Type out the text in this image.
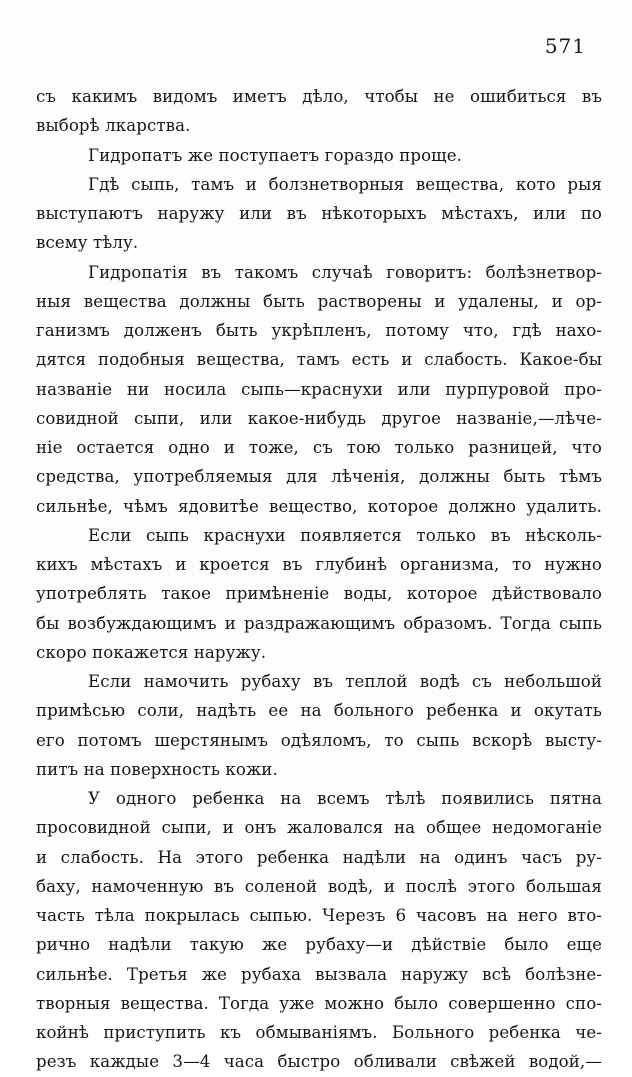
571
съ какимъ видомъ иметъ дѣло, чтобы не ошибиться въ
выборѣ лкарства.
Гидропатъ же поступаетъ гораздо проще.
Гдѣ сыпь, тамъ и болзнетворныя вещества, кото рыя
выступаютъ наружу или въ нѣкоторыхъ мѣстахъ, или по
всему тѣлу.
Гидропатія въ такомъ случаѣ говоритъ: болѣзнетвор-
ныя вещества должны быть растворены и удалены, и ор-
ганизмъ долженъ быть укрѣпленъ, потому что, гдѣ нахо-
дятся подобныя вещества, тамъ есть и слабость. Какое-бы
названіе ни носила сыпь—краснухи или пурпуровой про-
совидной сыпи, или какое-нибудь другое названіе,—лѣче-
ніе остается одно и тоже, съ тою только разницей, что
средства, употребляемыя для лѣченія, должны быть тѣмъ
сильнѣе, чѣмъ ядовитѣе вещество, которое должно удалить.
Если сыпь краснухи появляется только въ нѣсколь-
кихъ мѣстахъ и кроется въ глубинѣ организма, то нужно
употреблять такое примѣненіе воды, которое дѣйствовало
бы возбуждающимъ и раздражающимъ образомъ. Тогда сыпь
скоро покажется наружу.
Если намочить рубаху въ теплой водѣ съ небольшой
примѣсью соли, надѣть ее на больного ребенка и окутать
его потомъ шерстянымъ одѣяломъ, то сыпь вскорѣ высту-
питъ на поверхность кожи.
У одного ребенка на всемъ тѣлѣ появились пятна
просовидной сыпи, и онъ жаловался на общее недомоганіе
и слабость. На этого ребенка надѣли на одинъ часъ ру-
баху, намоченную въ соленой водѣ, и послѣ этого большая
часть тѣла покрылась сыпью. Черезъ 6 часовъ на него вто-
рично надѣли такую же рубаху—и дѣйствіе было еще
сильнѣе. Третья же рубаха вызвала наружу всѣ болѣзне-
творныя вещества. Тогда уже можно было совершенно спо-
койнѣ приступить къ обмываніямъ. Больного ребенка че-
резъ каждые 3—4 часа быстро обливали свѣжей водой,—
